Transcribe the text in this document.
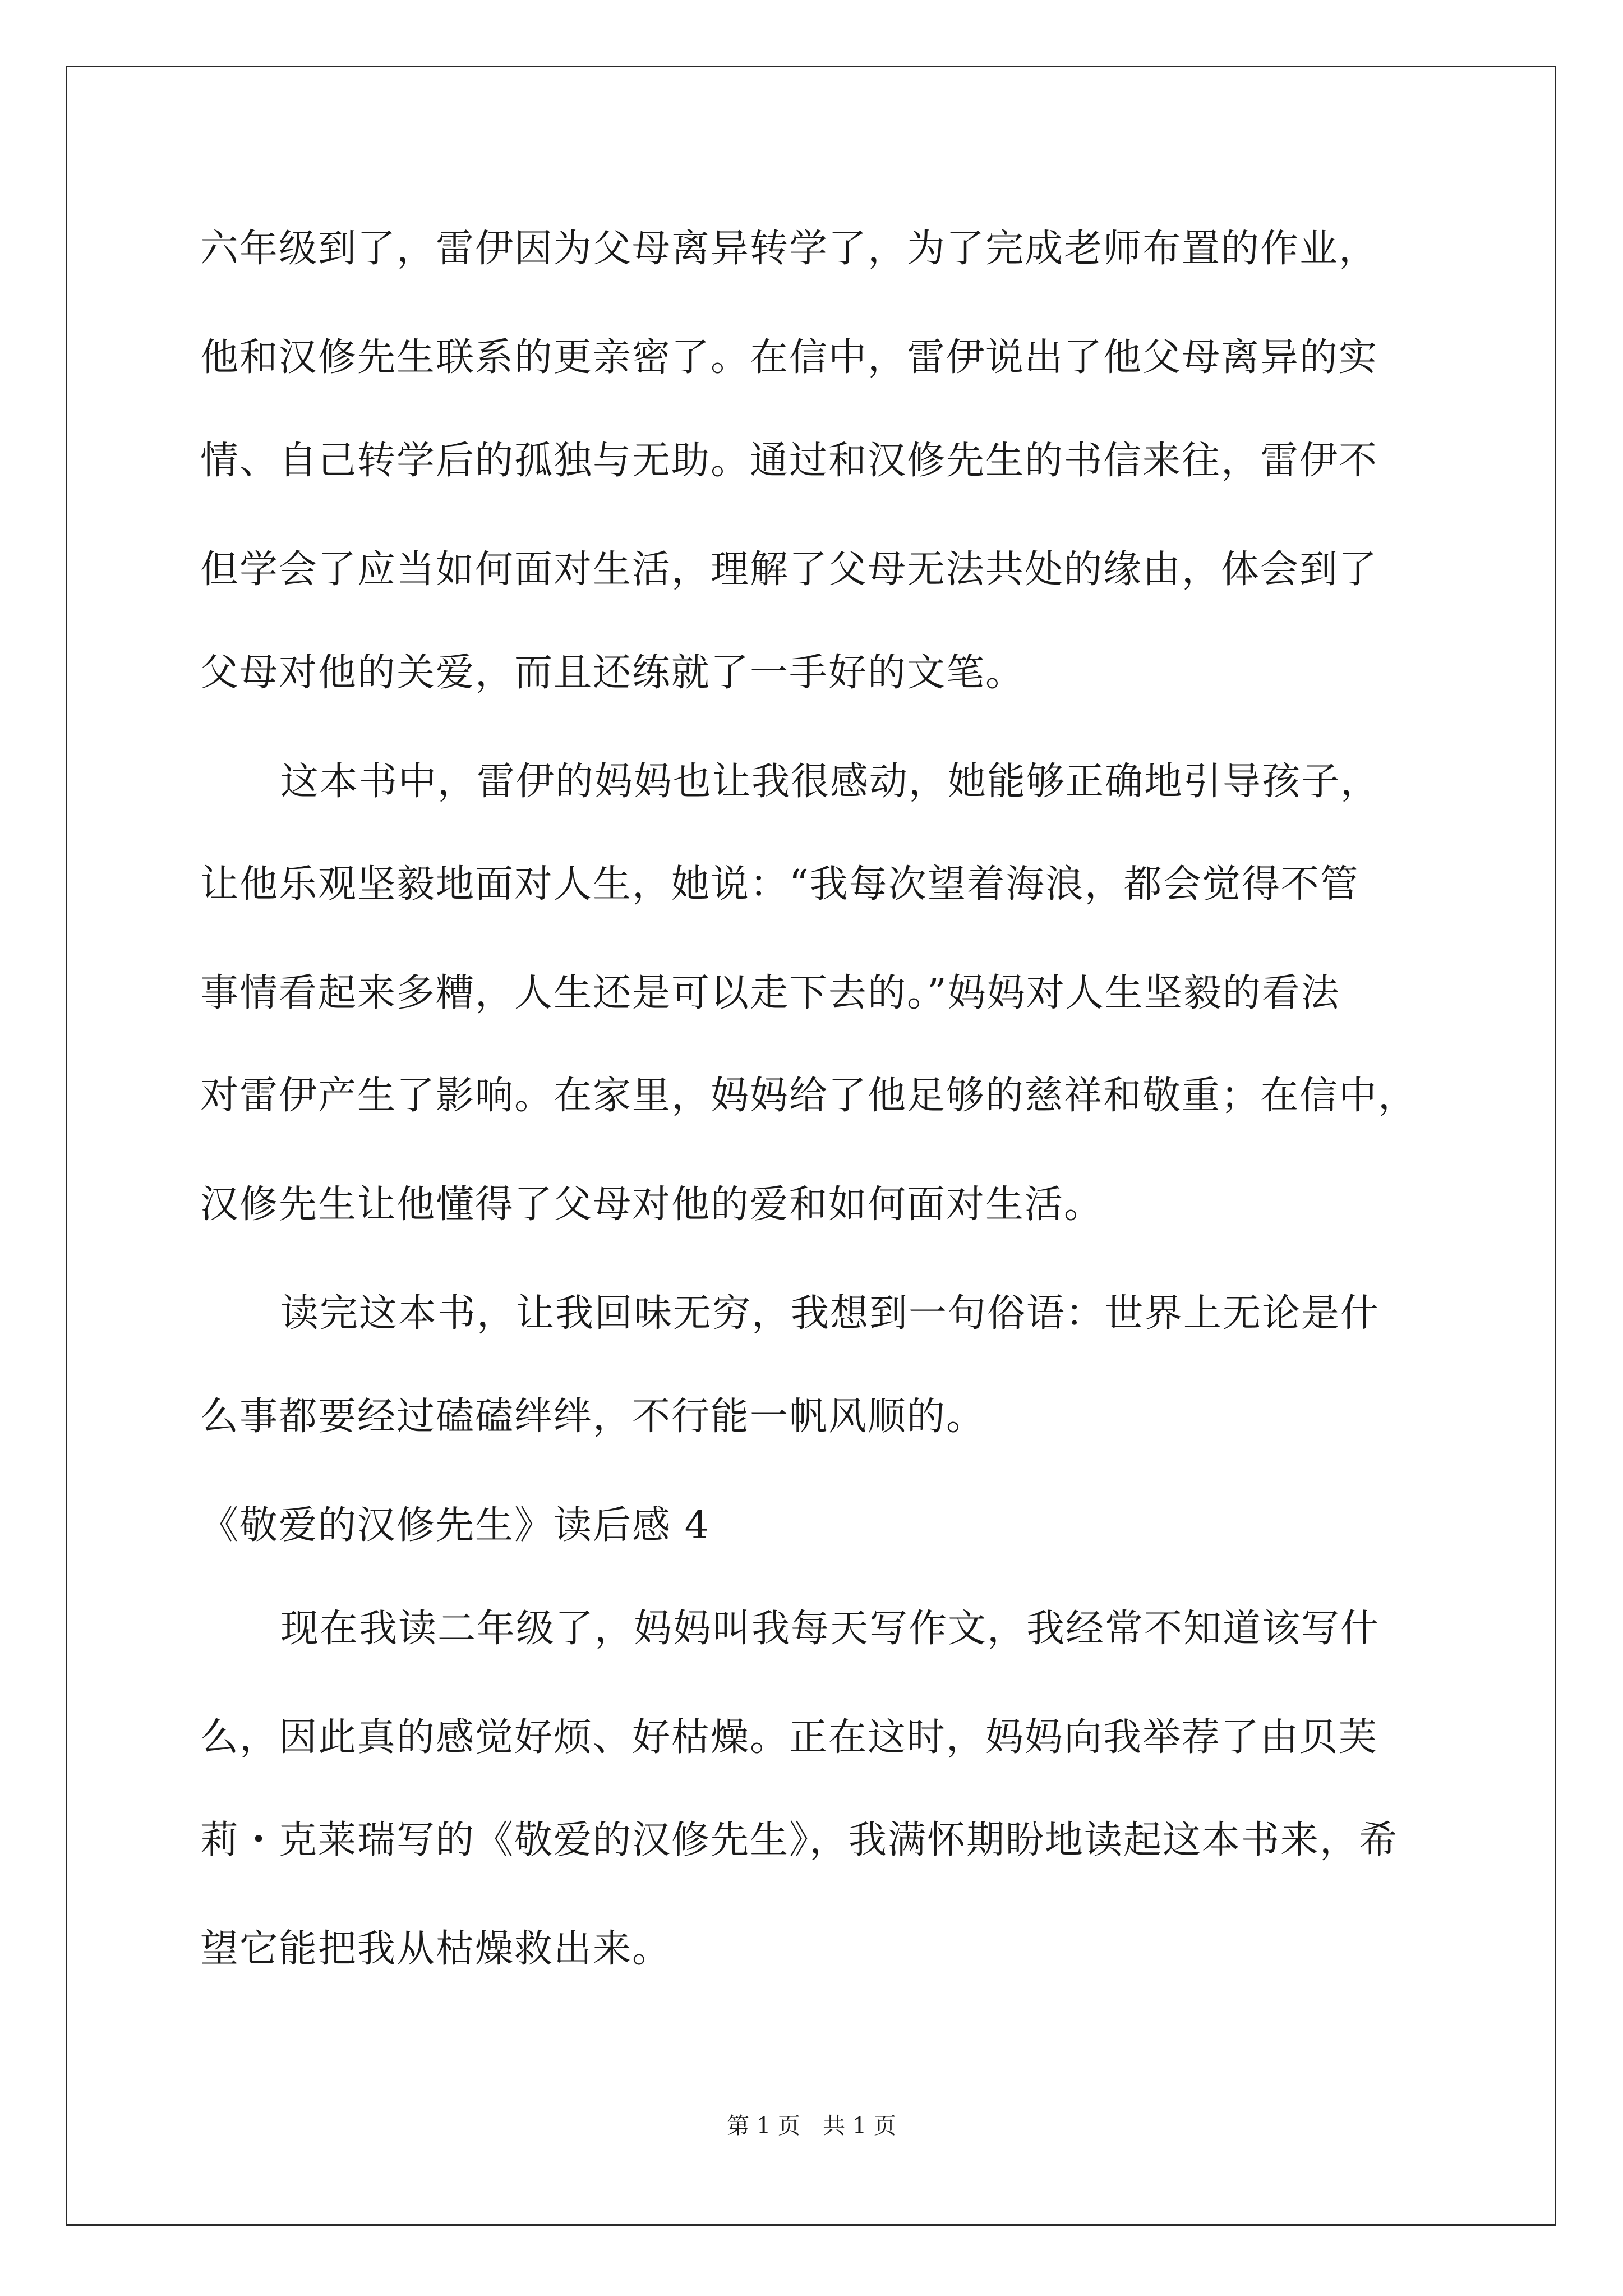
六年级到了，雷伊因为父母离异转学了，为了完成老师布置的作业，
他和汉修先生联系的更亲密了。在信中，雷伊说出了他父母离异的实
情、自己转学后的孤独与无助。通过和汉修先生的书信来往，雷伊不
但学会了应当如何面对生活，理解了父母无法共处的缘由，体会到了
父母对他的关爱，而且还练就了一手好的文笔。
这本书中，雷伊的妈妈也让我很感动，她能够正确地引导孩子，
让他乐观坚毅地面对人生，她说：“我每次望着海浪，都会觉得不管
事情看起来多糟，人生还是可以走下去的。”妈妈对人生坚毅的看法
对雷伊产生了影响。在家里，妈妈给了他足够的慈祥和敬重；在信中，
汉修先生让他懂得了父母对他的爱和如何面对生活。
读完这本书，让我回味无穷，我想到一句俗语：世界上无论是什
么事都要经过磕磕绊绊，不行能一帆风顺的。
《敬爱的汉修先生》读后感 4
现在我读二年级了，妈妈叫我每天写作文，我经常不知道该写什
么，因此真的感觉好烦、好枯燥。正在这时，妈妈向我举荐了由贝芙
莉・克莱瑞写的《敬爱的汉修先生》，我满怀期盼地读起这本书来，希
望它能把我从枯燥救出来。
第 1 页　共 1 页
